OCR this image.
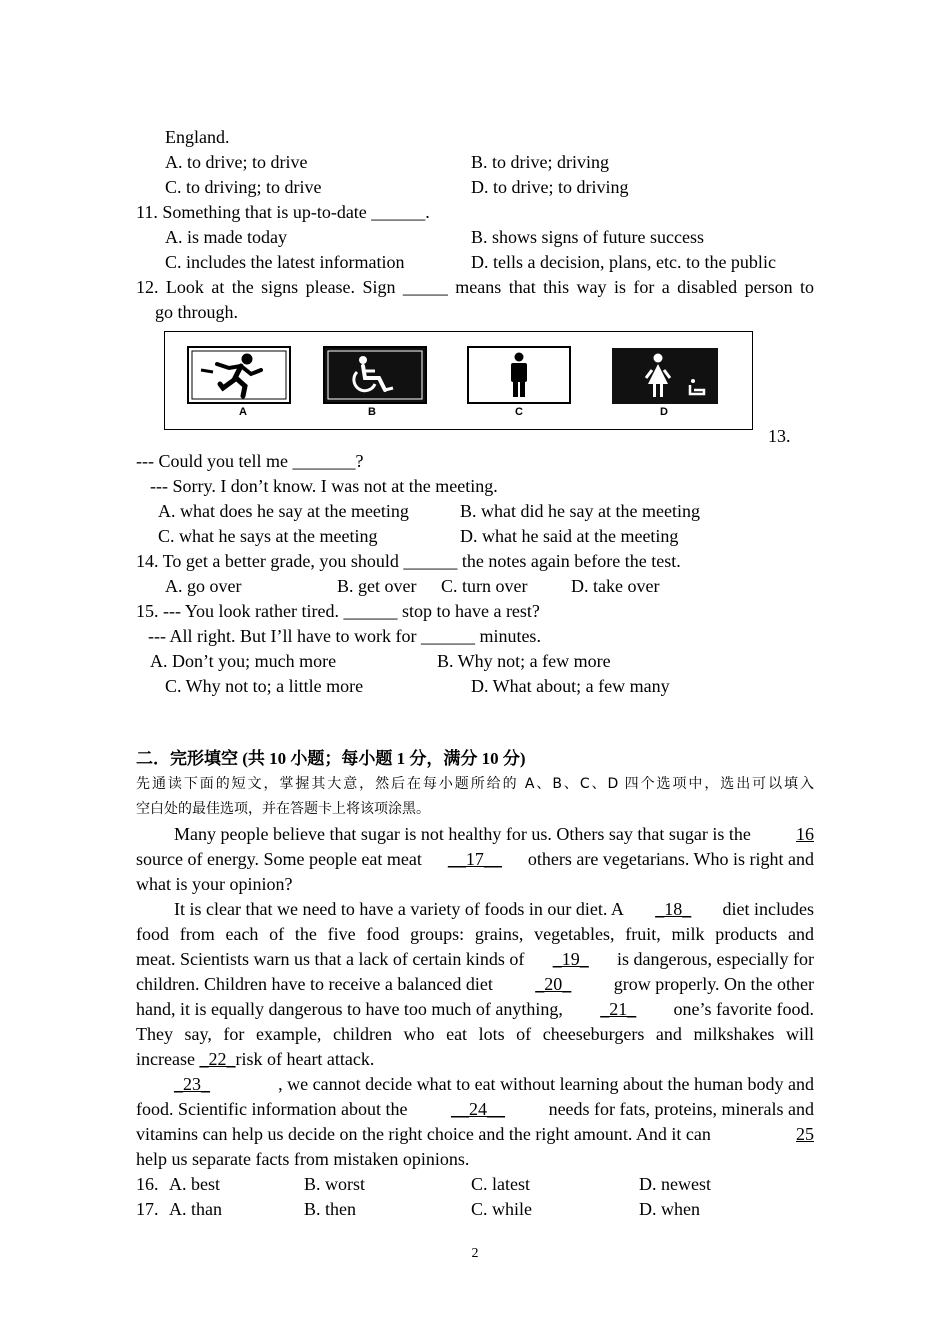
England.
A. to drive; to drive	B. to drive; driving
C. to driving; to drive	D. to drive; to driving
11. Something that is up-to-date ______.
A. is made today	B. shows signs of future success
C. includes the latest information	D. tells a decision, plans, etc. to the public
12. Look at the signs please. Sign _____ means that this way is for a disabled person to
go through.
A	B	C	D
13.
--- Could you tell me _______?
--- Sorry. I don’t know. I was not at the meeting.
A. what does he say at the meeting	B. what did he say at the meeting
C. what he says at the meeting	D. what he said at the meeting
14. To get a better grade, you should ______ the notes again before the test.
A. go over	B. get over C. turn over D. take over
15. --- You look rather tired. ______ stop to have a rest?
--- All right. But I’ll have to work for ______ minutes.
A. Don’t you; much more	B. Why not; a few more
C. Why not to; a little more	D. What about; a few many
二．完形填空 (共 10 小题；每小题 1 分，满分 10 分)
先通读下面的短文，掌握其大意，然后在每小题所给的 A、B、C、D 四个选项中，选出可以填入
空白处的最佳选项，并在答题卡上将该项涂黑。
Many people believe that sugar is not healthy for us. Others say that sugar is the	16
source of energy. Some people eat meat __17__ others are vegetarians. Who is right and
what is your opinion?
It is clear that we need to have a variety of foods in our diet. A _18_ diet includes
food from each of the five food groups: grains, vegetables, fruit, milk products and
meat. Scientists warn us that a lack of certain kinds of _19_ is dangerous, especially for
children. Children have to receive a balanced diet _20_ grow properly. On the other
hand, it is equally dangerous to have too much of anything, _21_ one’s favorite food.
They say, for example, children who eat lots of cheeseburgers and milkshakes will
increase _22_risk of heart attack.
_23_	, we cannot decide what to eat without learning about the human body and
food. Scientific information about the __24__ needs for fats, proteins, minerals and
vitamins can help us decide on the right choice and the right amount. And it can	25
help us separate facts from mistaken opinions.
16. A. best	B. worst	C. latest	D. newest
17. A. than	B. then	C. while	D. when
2
